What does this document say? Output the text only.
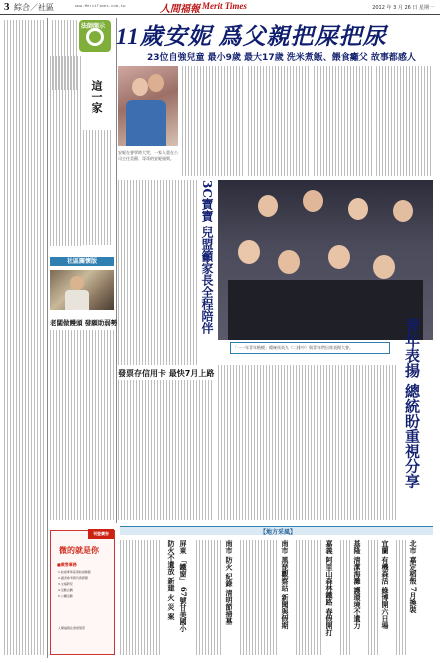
3 綜合／社區	www.MeritTimes.com.tw	人間福報 Merit Times	2012 年 3 月 26 日 星期一
法師開示
這一家
社區關懷版
老闆做饅頭 發願助弱勢
刊登廣告
微的就是你
■徵售事務
1.收看專車高清收看錄影
2.讀者參考與刊資源閱
3.文稿研究
4.活動企劃
5.公關活動
人間福報社會發展部
11歲安妮 爲父親把屎把尿
23位自強兒童 最小9歲 最大17歲 洗米煮飯、餵食癱父 故事都感人
安妮在會學時大哭，一家人重在公司主任美靜、哥哥的安妮頒獎。
3C寶寶 兒盟籲家長全程陪伴
發票存信用卡 最快7月上路
「一一年青年楷模」總統馬英九（二排中）與青年們出席表揚大會。	青年表揚 總統盼重視分享
【地方采風】
北市 嘉定稻殼 7月換裝
宜蘭 有機森活 綠博開六日場
基隆 清潔海灘 護環境不遺力
嘉義 阿里山森林鐵路 春假開打
南市 黑琵觀察站 新聞與假期
南市 防火 紀錄 清明節掃墓
屏東 「鐵窗」 67號甘美國小
防火不遺放 新建 火 災 案
